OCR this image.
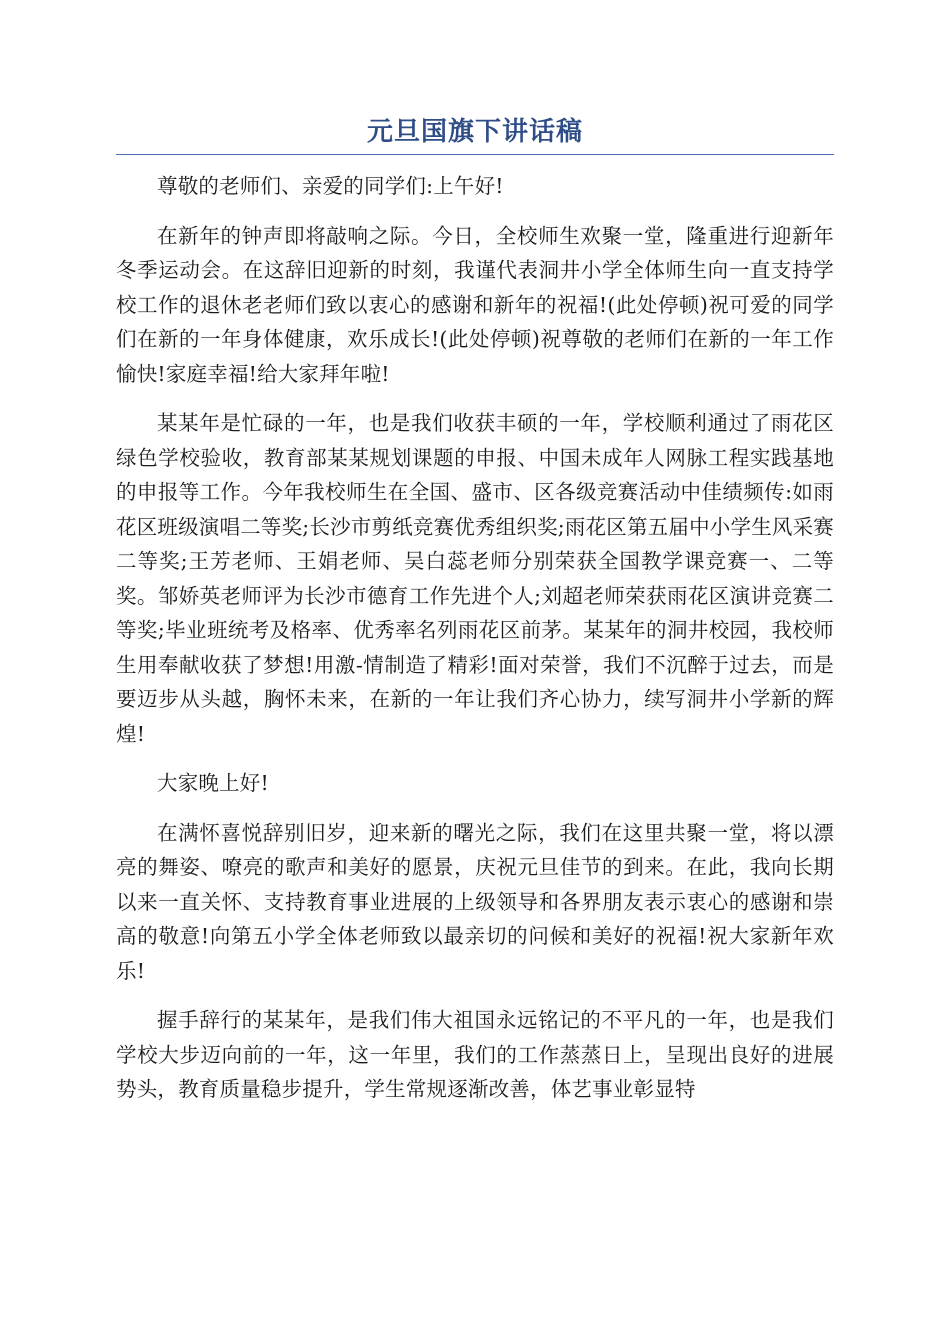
元旦国旗下讲话稿

尊敬的老师们、亲爱的同学们:上午好!

在新年的钟声即将敲响之际。今日，全校师生欢聚一堂，隆重进行迎新年冬季运动会。在这辞旧迎新的时刻，我谨代表洞井小学全体师生向一直支持学校工作的退休老老师们致以衷心的感谢和新年的祝福!(此处停顿)祝可爱的同学们在新的一年身体健康，欢乐成长!(此处停顿)祝尊敬的老师们在新的一年工作愉快!家庭幸福!给大家拜年啦!

某某年是忙碌的一年，也是我们收获丰硕的一年，学校顺利通过了雨花区绿色学校验收，教育部某某规划课题的申报、中国未成年人网脉工程实践基地的申报等工作。今年我校师生在全国、盛市、区各级竞赛活动中佳绩频传:如雨花区班级演唱二等奖;长沙市剪纸竞赛优秀组织奖;雨花区第五届中小学生风采赛二等奖;王芳老师、王娟老师、吴白蕊老师分别荣获全国教学课竞赛一、二等奖。邹娇英老师评为长沙市德育工作先进个人;刘超老师荣获雨花区演讲竞赛二等奖;毕业班统考及格率、优秀率名列雨花区前茅。某某年的洞井校园，我校师生用奉献收获了梦想!用激-情制造了精彩!面对荣誉，我们不沉醉于过去，而是要迈步从头越，胸怀未来，在新的一年让我们齐心协力，续写洞井小学新的辉煌!

大家晚上好!

在满怀喜悦辞别旧岁，迎来新的曙光之际，我们在这里共聚一堂，将以漂亮的舞姿、嘹亮的歌声和美好的愿景，庆祝元旦佳节的到来。在此，我向长期以来一直关怀、支持教育事业进展的上级领导和各界朋友表示衷心的感谢和崇高的敬意!向第五小学全体老师致以最亲切的问候和美好的祝福!祝大家新年欢乐!

握手辞行的某某年，是我们伟大祖国永远铭记的不平凡的一年，也是我们学校大步迈向前的一年，这一年里，我们的工作蒸蒸日上，呈现出良好的进展势头，教育质量稳步提升，学生常规逐渐改善，体艺事业彰显特
